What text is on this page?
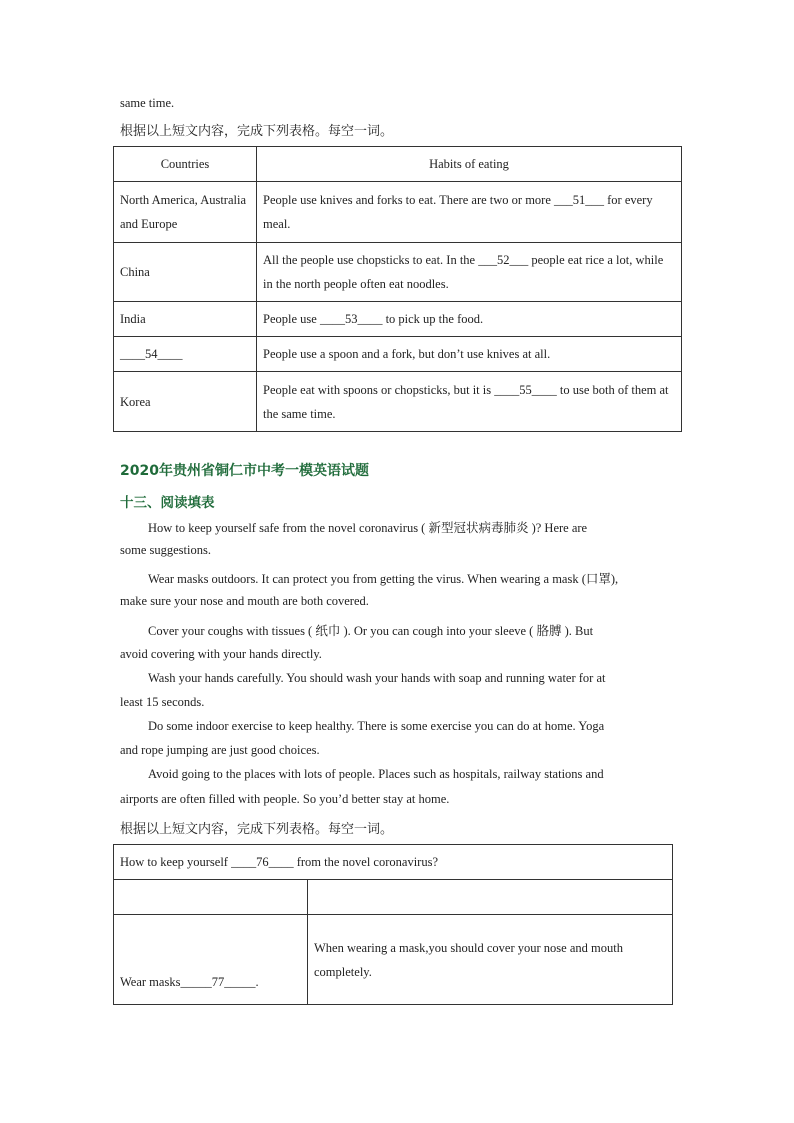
same time.
根据以上短文内容，完成下列表格。每空一词。
Countries	Habits of eating
North America, Australia and Europe	People use knives and forks to eat. There are two or more ___51___ for every meal.
China	All the people use chopsticks to eat. In the ___52___ people eat rice a lot, while in the north people often eat noodles.
India	People use ____53____ to pick up the food.
____54____	People use a spoon and a fork, but don’t use knives at all.
Korea	People eat with spoons or chopsticks, but it is ____55____ to use both of them at the same time.
2020年贵州省铜仁市中考一模英语试题
十三、阅读填表
How to keep yourself safe from the novel coronavirus ( 新型冠状病毒肺炎 )? Here are
some suggestions.
Wear masks outdoors. It can protect you from getting the virus. When wearing a mask (口罩),
make sure your nose and mouth are both covered.
Cover your coughs with tissues ( 纸巾 ). Or you can cough into your sleeve ( 胳膊 ). But
avoid covering with your hands directly.
Wash your hands carefully. You should wash your hands with soap and running water for at
least 15 seconds.
Do some indoor exercise to keep healthy. There is some exercise you can do at home. Yoga
and rope jumping are just good choices.
Avoid going to the places with lots of people. Places such as hospitals, railway stations and
airports are often filled with people. So you’d better stay at home.
根据以上短文内容，完成下列表格。每空一词。
How to keep yourself ____76____ from the novel coronavirus?	

Wear masks_____77_____.	When wearing a mask,you should cover your nose and mouth completely.
